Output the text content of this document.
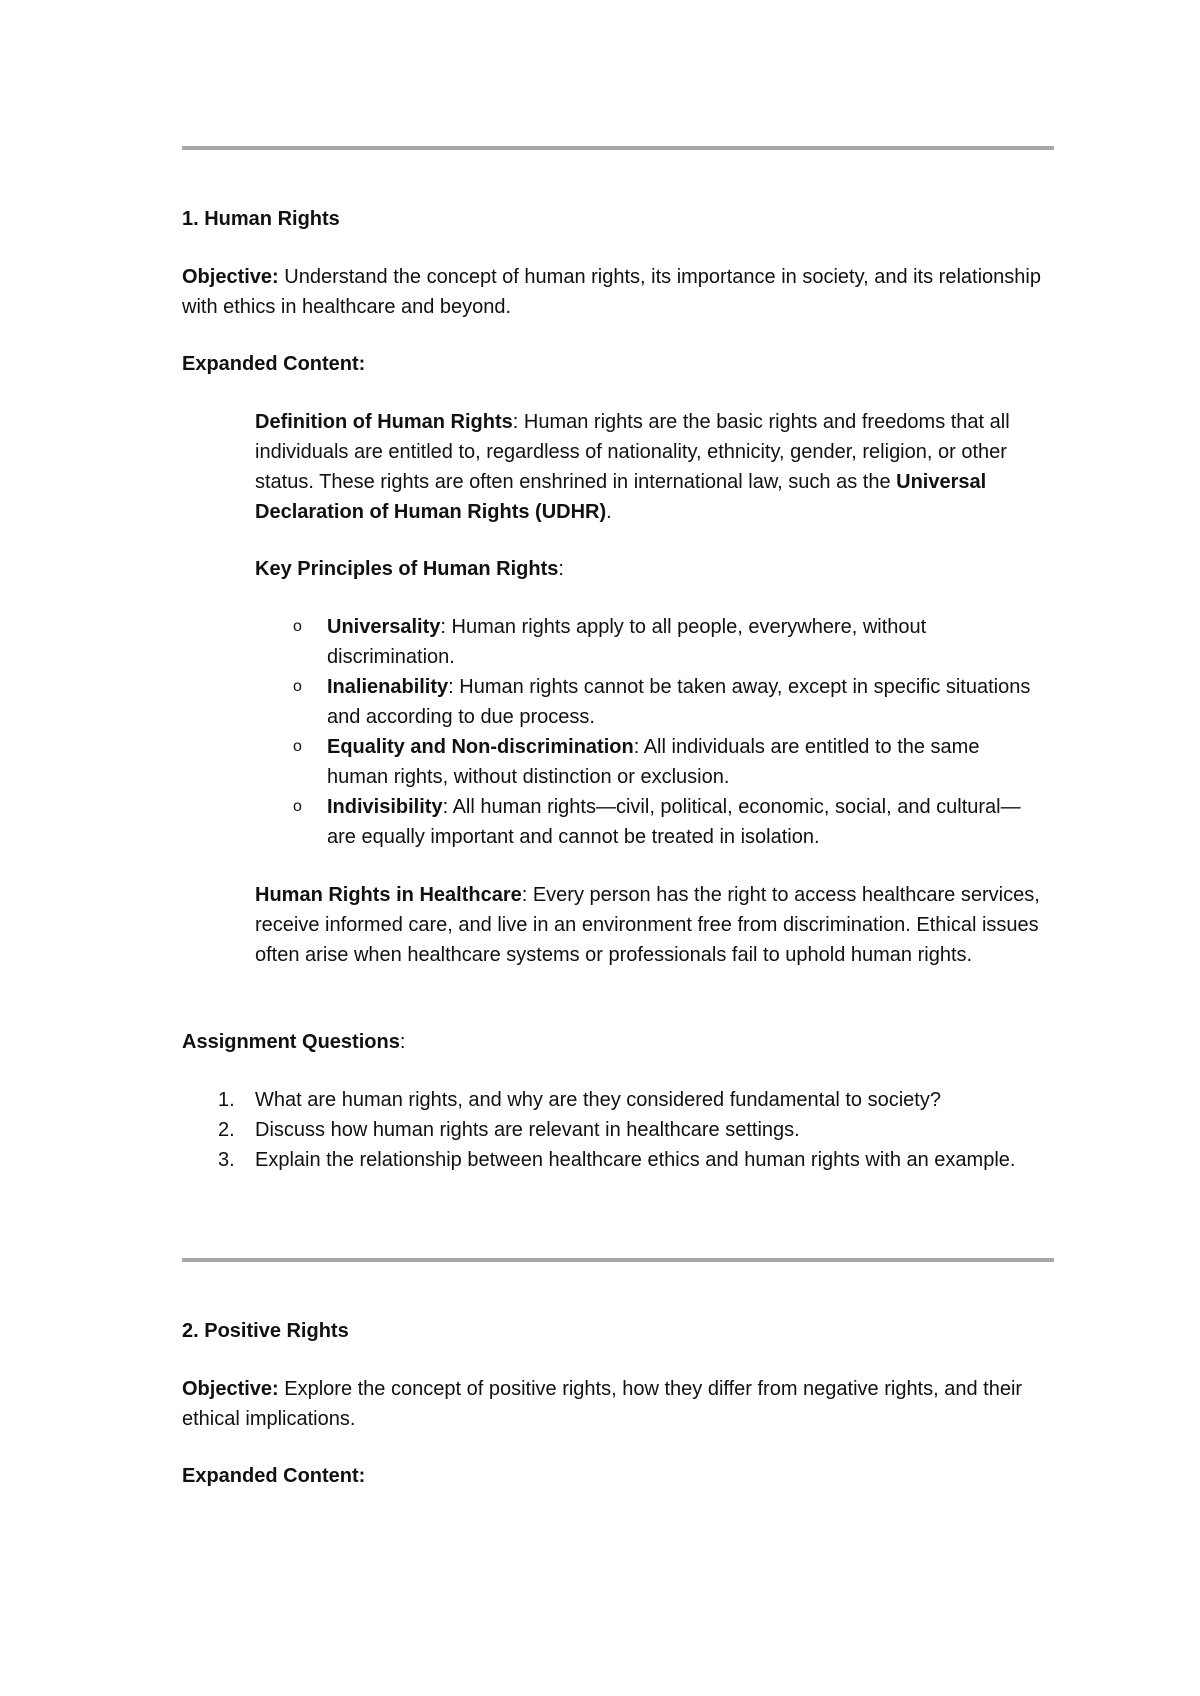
1. Human Rights

Objective: Understand the concept of human rights, its importance in society, and its relationship with ethics in healthcare and beyond.

Expanded Content:

Definition of Human Rights: Human rights are the basic rights and freedoms that all individuals are entitled to, regardless of nationality, ethnicity, gender, religion, or other status. These rights are often enshrined in international law, such as the Universal Declaration of Human Rights (UDHR).

Key Principles of Human Rights:

o Universality: Human rights apply to all people, everywhere, without discrimination.
o Inalienability: Human rights cannot be taken away, except in specific situations and according to due process.
o Equality and Non-discrimination: All individuals are entitled to the same human rights, without distinction or exclusion.
o Indivisibility: All human rights—civil, political, economic, social, and cultural—are equally important and cannot be treated in isolation.

Human Rights in Healthcare: Every person has the right to access healthcare services, receive informed care, and live in an environment free from discrimination. Ethical issues often arise when healthcare systems or professionals fail to uphold human rights.

Assignment Questions:

1. What are human rights, and why are they considered fundamental to society?
2. Discuss how human rights are relevant in healthcare settings.
3. Explain the relationship between healthcare ethics and human rights with an example.
2. Positive Rights

Objective: Explore the concept of positive rights, how they differ from negative rights, and their ethical implications.

Expanded Content:
